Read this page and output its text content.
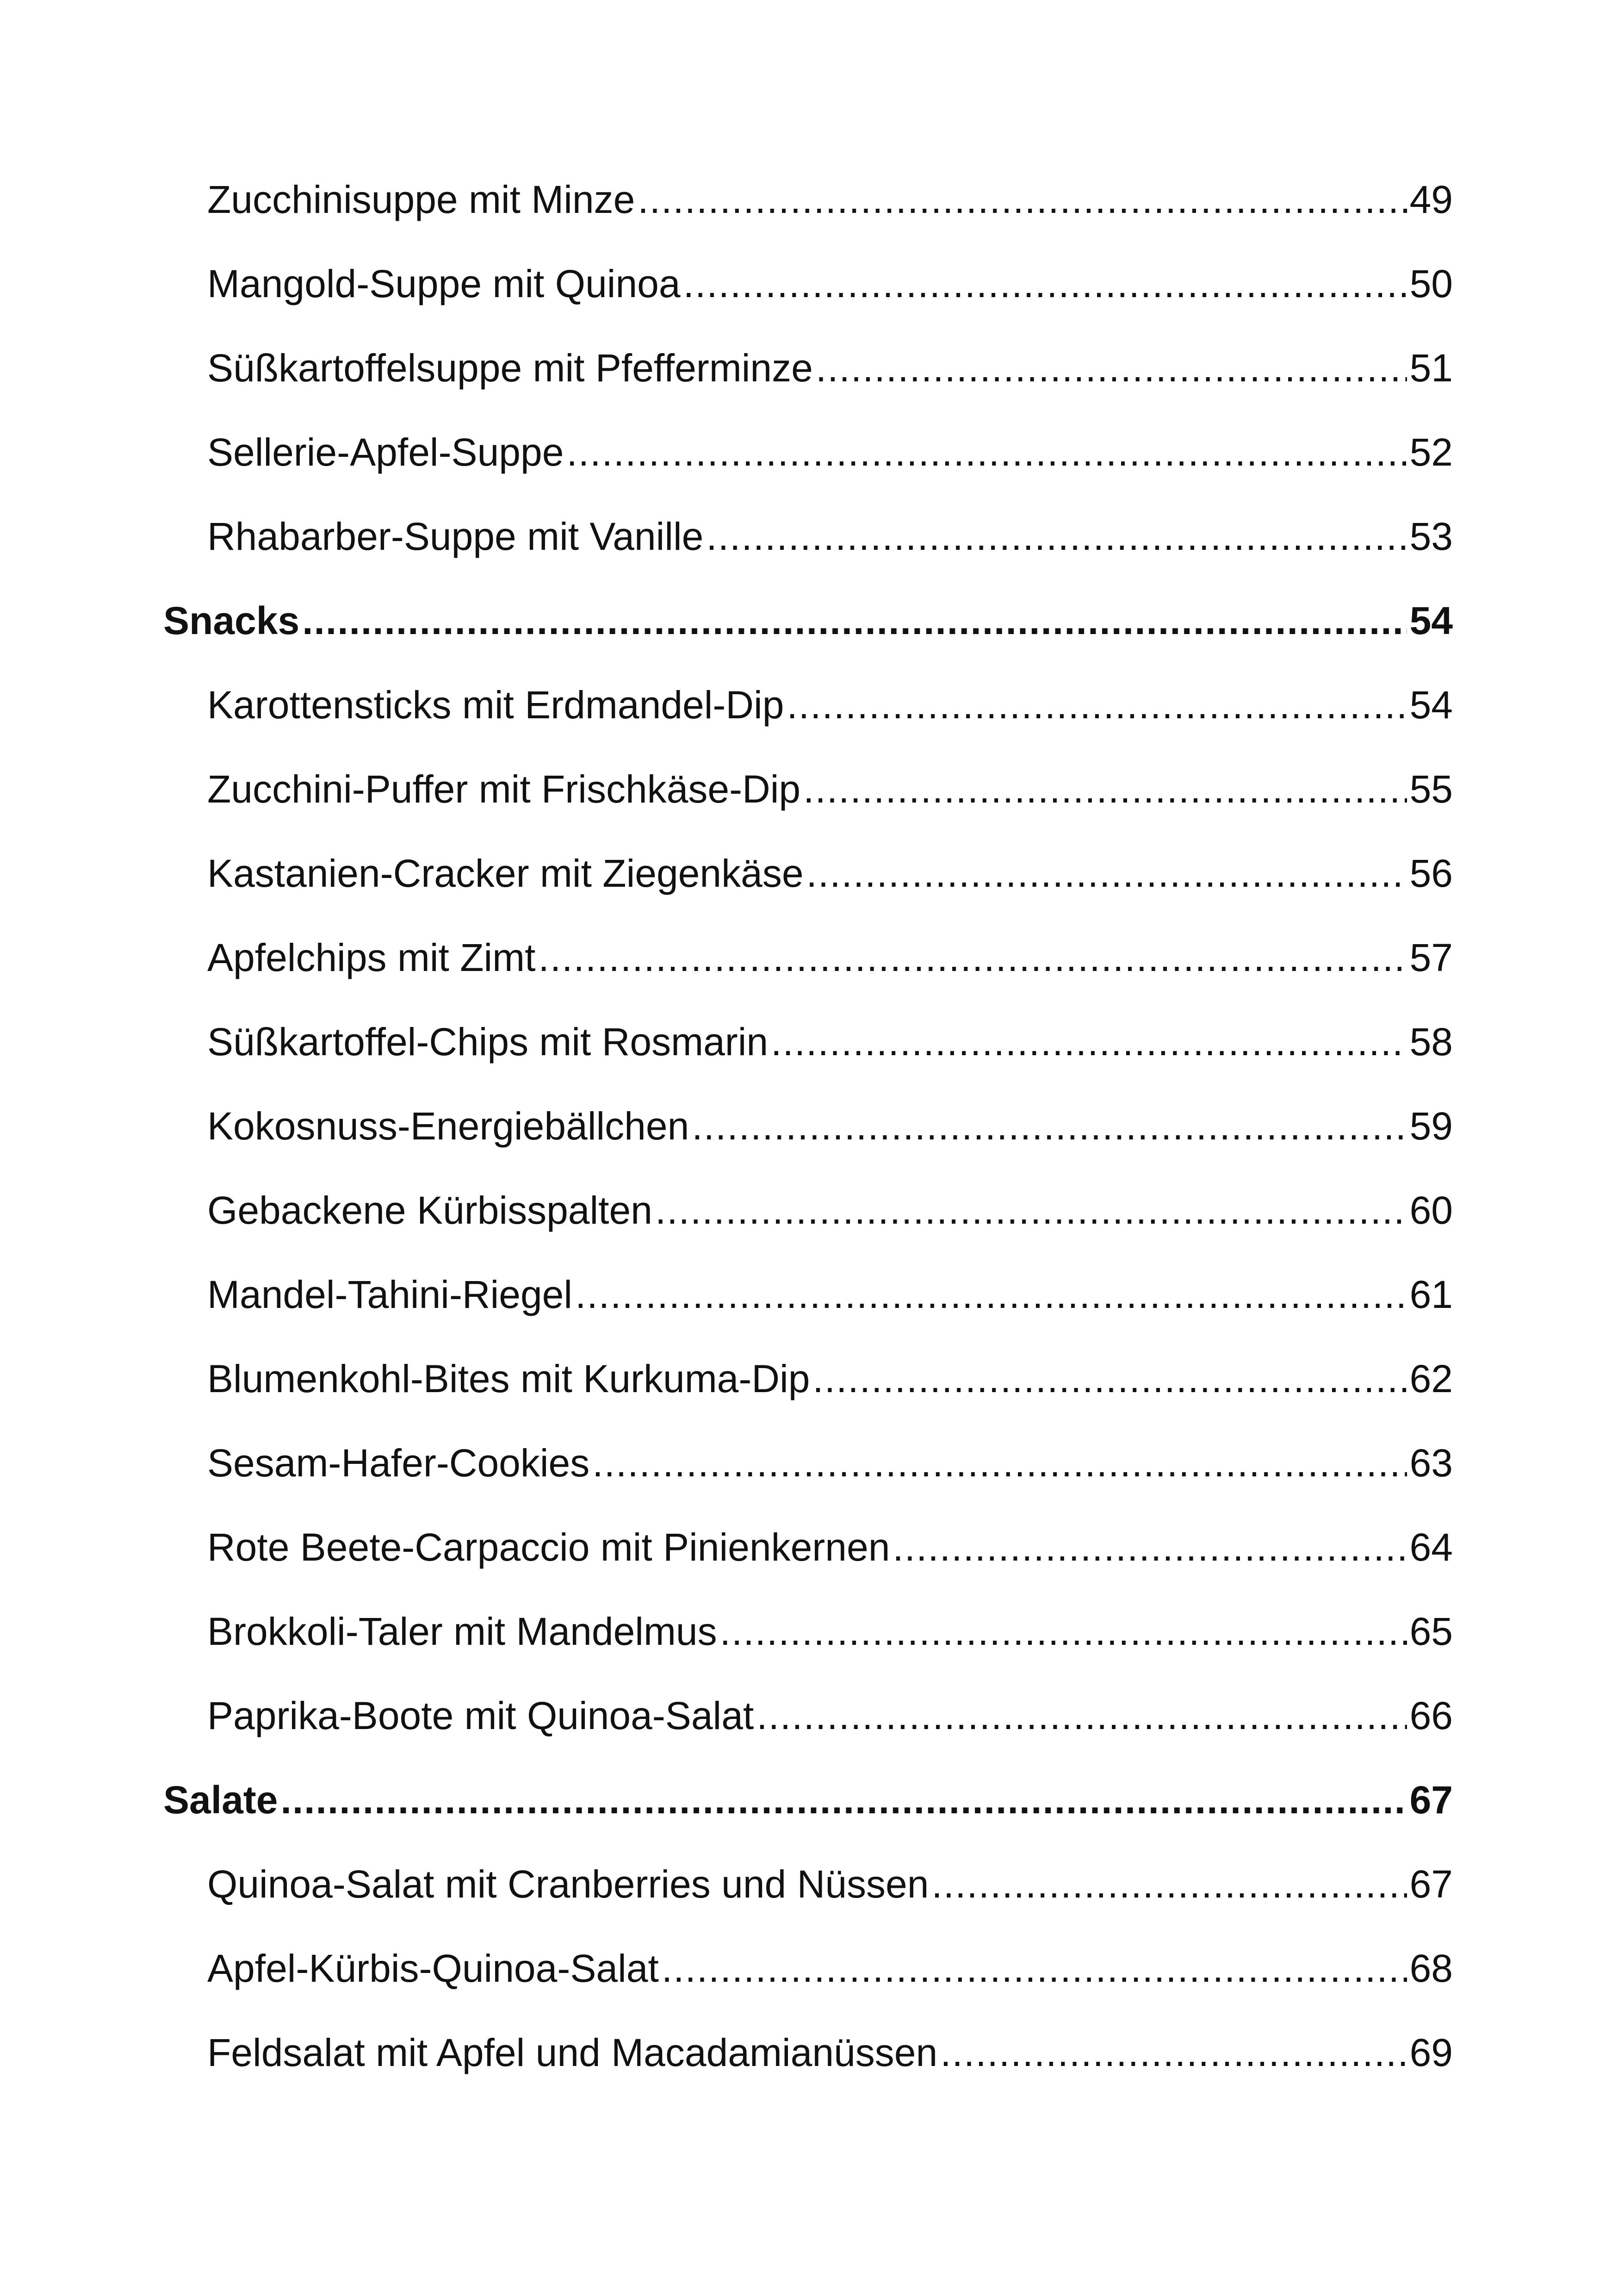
Zucchinisuppe mit Minze .....	49
Mangold-Suppe mit Quinoa .....	50
Süßkartoffelsuppe mit Pfefferminze .....	51
Sellerie-Apfel-Suppe .....	52
Rhabarber-Suppe mit Vanille .....	53
Snacks .....	54
Karottensticks mit Erdmandel-Dip .....	54
Zucchini-Puffer mit Frischkäse-Dip .....	55
Kastanien-Cracker mit Ziegenkäse .....	56
Apfelchips mit Zimt .....	57
Süßkartoffel-Chips mit Rosmarin .....	58
Kokosnuss-Energiebällchen .....	59
Gebackene Kürbisspalten .....	60
Mandel-Tahini-Riegel .....	61
Blumenkohl-Bites mit Kurkuma-Dip .....	62
Sesam-Hafer-Cookies .....	63
Rote Beete-Carpaccio mit Pinienkernen .....	64
Brokkoli-Taler mit Mandelmus .....	65
Paprika-Boote mit Quinoa-Salat .....	66
Salate .....	67
Quinoa-Salat mit Cranberries und Nüssen .....	67
Apfel-Kürbis-Quinoa-Salat .....	68
Feldsalat mit Apfel und Macadamianüssen .....	69
